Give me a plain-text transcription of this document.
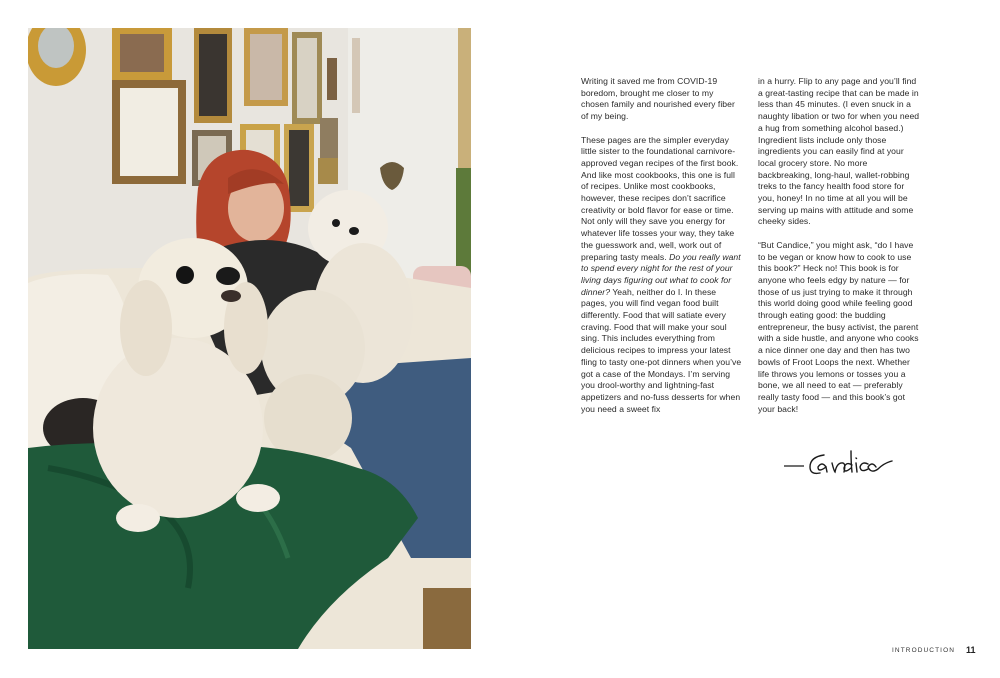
Writing it saved me from COVID-19 boredom, brought me closer to my chosen family and nourished every fiber of my being.

These pages are the simpler everyday little sister to the foundational carnivore-approved vegan recipes of the first book. And like most cookbooks, this one is full of recipes. Unlike most cookbooks, however, these recipes don’t sacrifice creativity or bold flavor for ease or time. Not only will they save you energy for whatever life tosses your way, they take the guesswork and, well, work out of preparing tasty meals. Do you really want to spend every night for the rest of your living days figuring out what to cook for dinner? Yeah, neither do I. In these pages, you will find vegan food built differently. Food that will satiate every craving. Food that will make your soul sing. This includes everything from delicious recipes to impress your latest fling to tasty one-pot dinners when you’ve got a case of the Mondays. I’m serving you drool-worthy and lightning-fast appetizers and no-fuss desserts for when you need a sweet fix

in a hurry. Flip to any page and you’ll find a great-tasting recipe that can be made in less than 45 minutes. (I even snuck in a naughty libation or two for when you need a hug from something alcohol based.) Ingredient lists include only those ingredients you can easily find at your local grocery store. No more backbreaking, long-haul, wallet-robbing treks to the fancy health food store for you, honey! In no time at all you will be serving up mains with attitude and some cheeky sides.

“But Candice,” you might ask, “do I have to be vegan or know how to cook to use this book?” Heck no! This book is for anyone who feels edgy by nature — for those of us just trying to make it through this world doing good while feeling good through eating good: the budding entrepreneur, the busy activist, the parent with a side hustle, and anyone who cooks a nice dinner one day and then has two bowls of Froot Loops the next. Whether life throws you lemons or tosses you a bone, we all need to eat — preferably really tasty food — and this book’s got your back!

INTRODUCTION 11
